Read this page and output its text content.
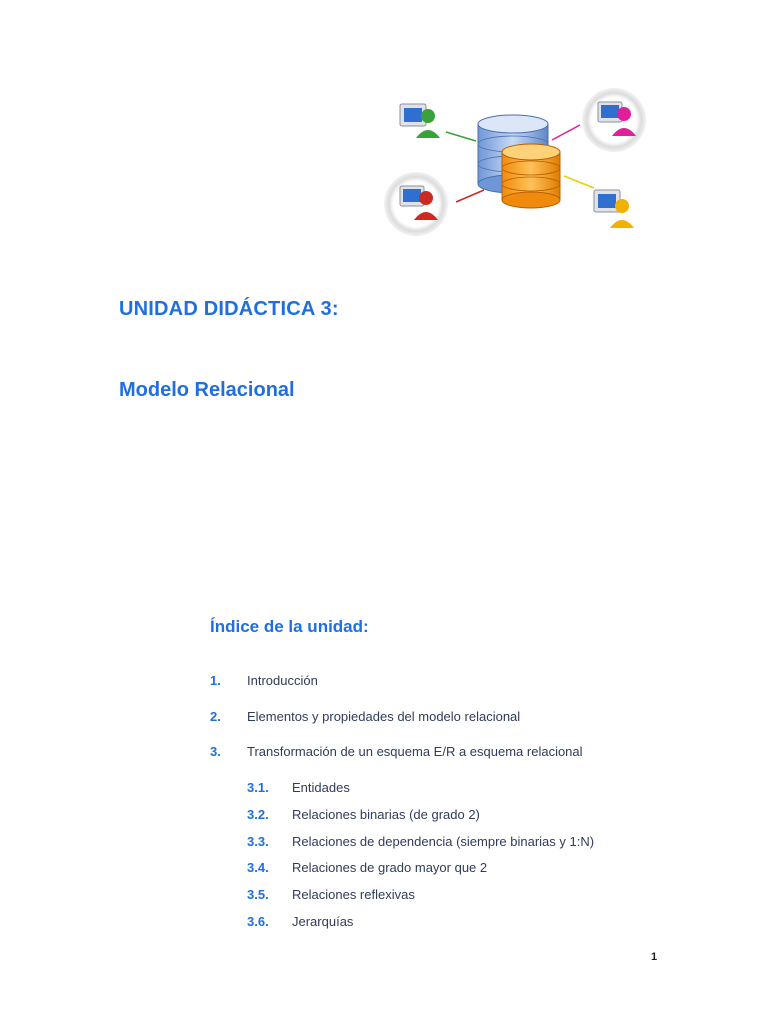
UNIDAD DIDÁCTICA 3:
Modelo Relacional
Índice de la unidad:
1. Introducción
2. Elementos y propiedades del modelo relacional
3. Transformación de un esquema E/R a esquema relacional
3.1. Entidades
3.2. Relaciones binarias (de grado 2)
3.3. Relaciones de dependencia (siempre binarias y 1:N)
3.4. Relaciones de grado mayor que 2
3.5. Relaciones reflexivas
3.6. Jerarquías
1
